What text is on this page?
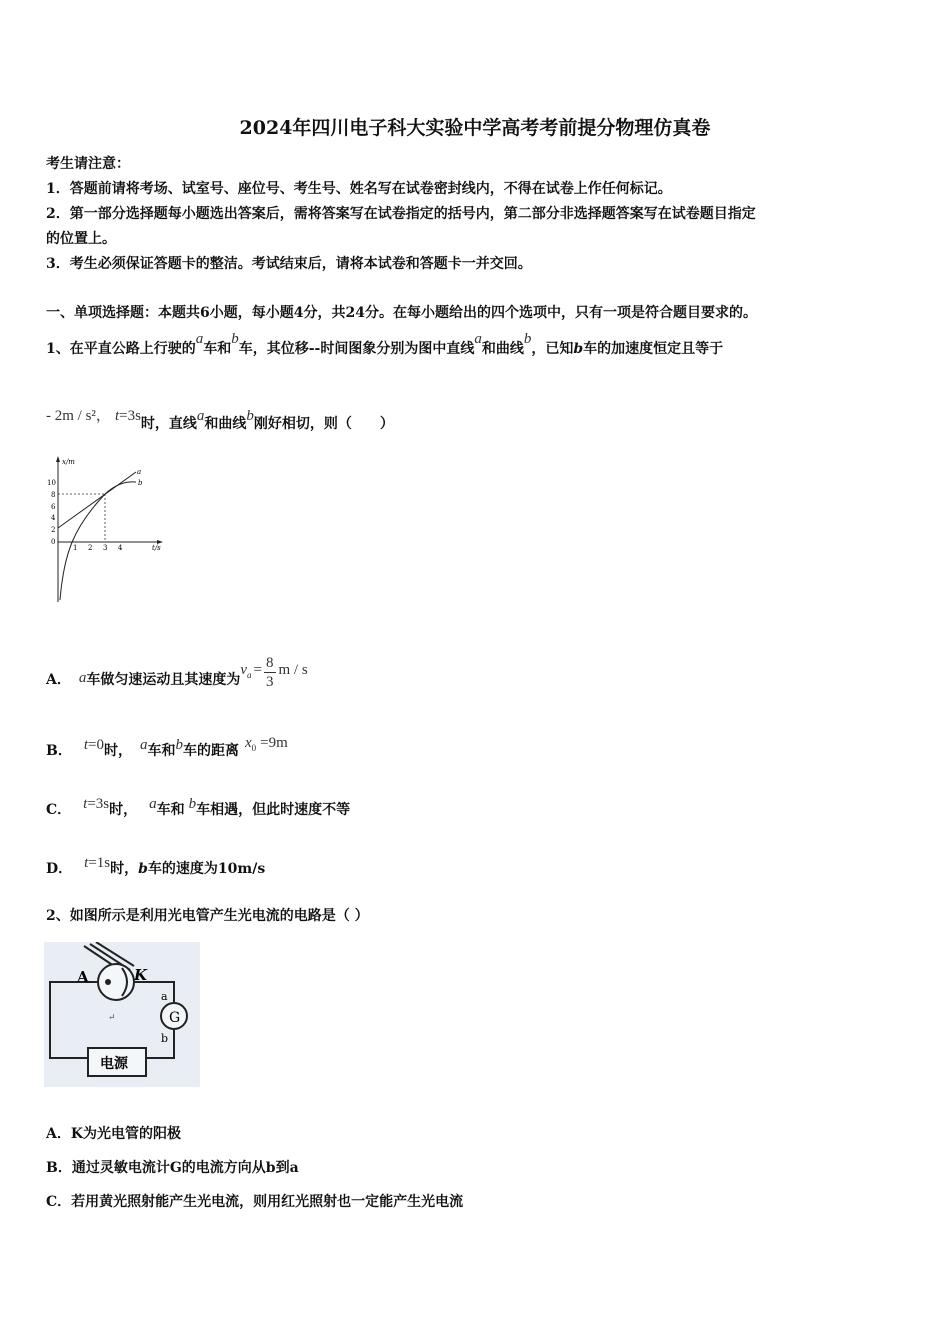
2024年四川电子科大实验中学高考考前提分物理仿真卷
考生请注意：
1．答题前请将考场、试室号、座位号、考生号、姓名写在试卷密封线内，不得在试卷上作任何标记。
2．第一部分选择题每小题选出答案后，需将答案写在试卷指定的括号内，第二部分非选择题答案写在试卷题目指定
的位置上。
3．考生必须保证答题卡的整洁。考试结束后，请将本试卷和答题卡一并交回。
一、单项选择题：本题共6小题，每小题4分，共24分。在每小题给出的四个选项中，只有一项是符合题目要求的。
1、在平直公路上行驶的a车和b车，其位移--时间图象分别为图中直线a和曲线b，已知b车的加速度恒定且等于
- 2m / s²， t=3s时，直线a和曲线b刚好相切，则（　　）
x/m
t/s
10
8
6
4
2
0
1 2 3 4
a
b
A． a 车做匀速运动且其速度为
v $a = \frac{8}{3}$ m / s
B． t=0时， a车和b车的距离 $x^0 =9m$
C． t=3s时， a车和 b车相遇，但此时速度不等
D． t=1s时，b车的速度为10m/s
2、如图所示是利用光电管产生光电流的电路是（ ）
G
电源
A	K
a
b
↵
A．K为光电管的阳极
B．通过灵敏电流计G的电流方向从b到a
C．若用黄光照射能产生光电流，则用红光照射也一定能产生光电流
